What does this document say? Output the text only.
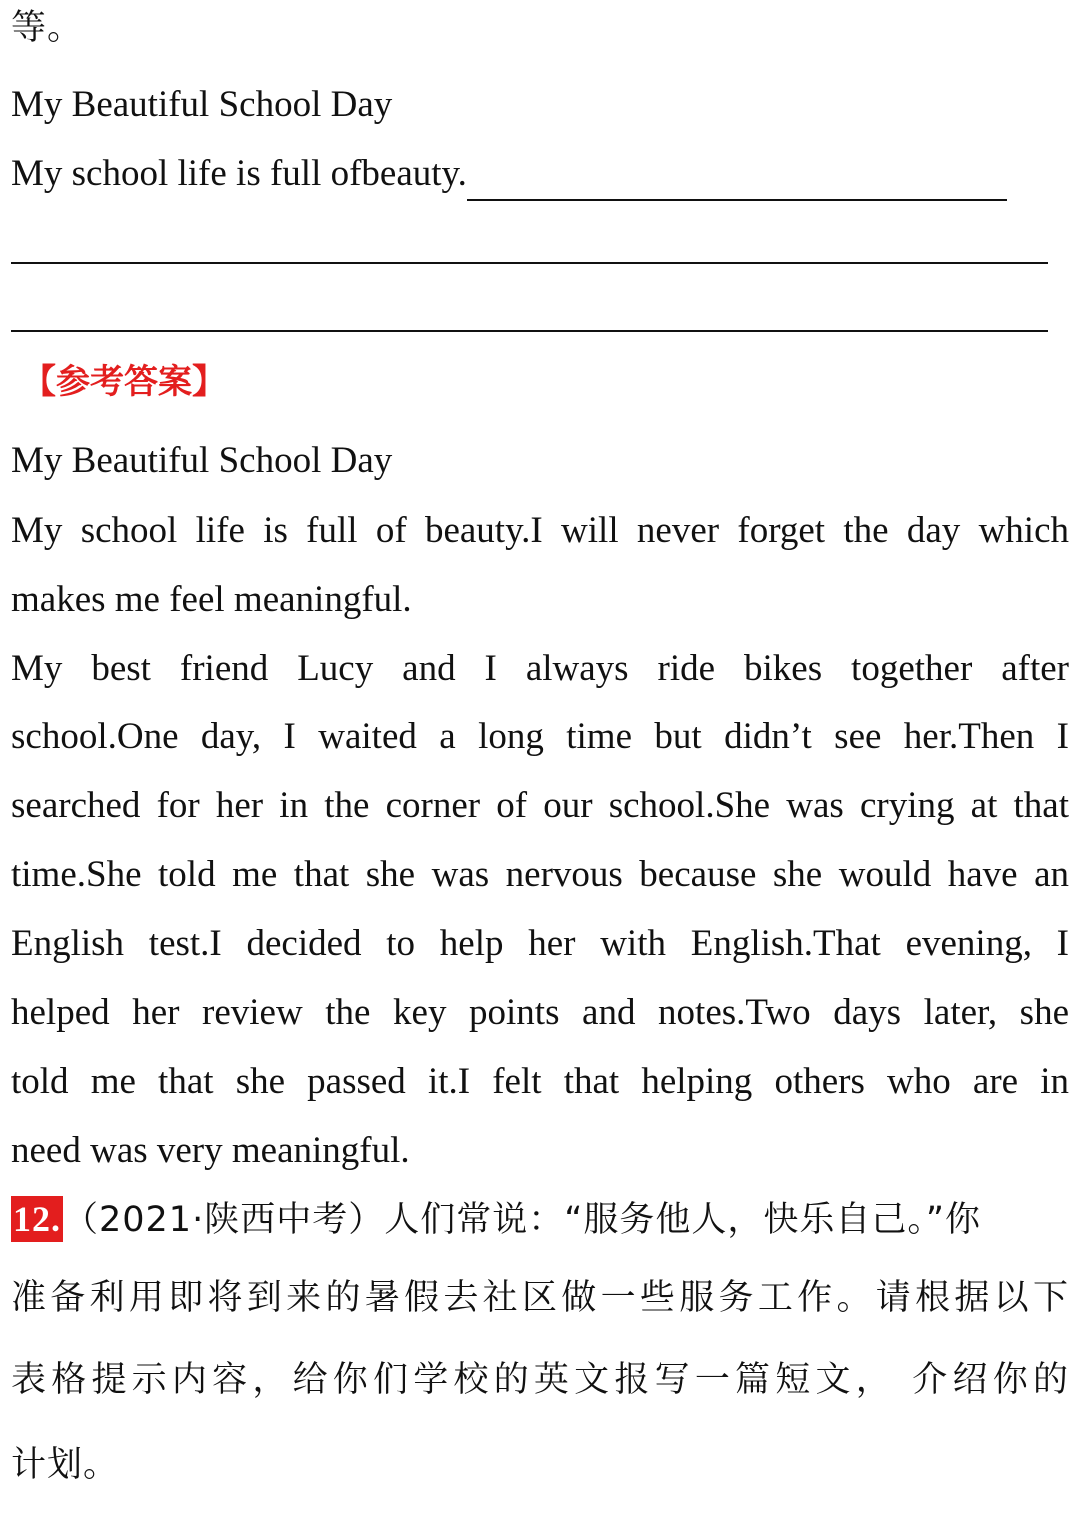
等。
My Beautiful School Day
My school life is full ofbeauty.
【参考答案】
My Beautiful School Day
My school life is full of beauty.I will never forget the day which
makes me feel meaningful.
My best friend Lucy and I always ride bikes together after
school.One day, I waited a long time but didn’t see her.Then I
searched for her in the corner of our school.She was crying at that
time.She told me that she was nervous because she would have an
English test.I decided to help her with English.That evening, I
helped her review the key points and notes.Two days later, she
told me that she passed it.I felt that helping others who are in
need was very meaningful.
12.（2021·陕西中考）人们常说：“服务他人，快乐自己。”你
准备利用即将到来的暑假去社区做一些服务工作。请根据以下
表格提示内容，给你们学校的英文报写一篇短文， 介绍你的
计划。
